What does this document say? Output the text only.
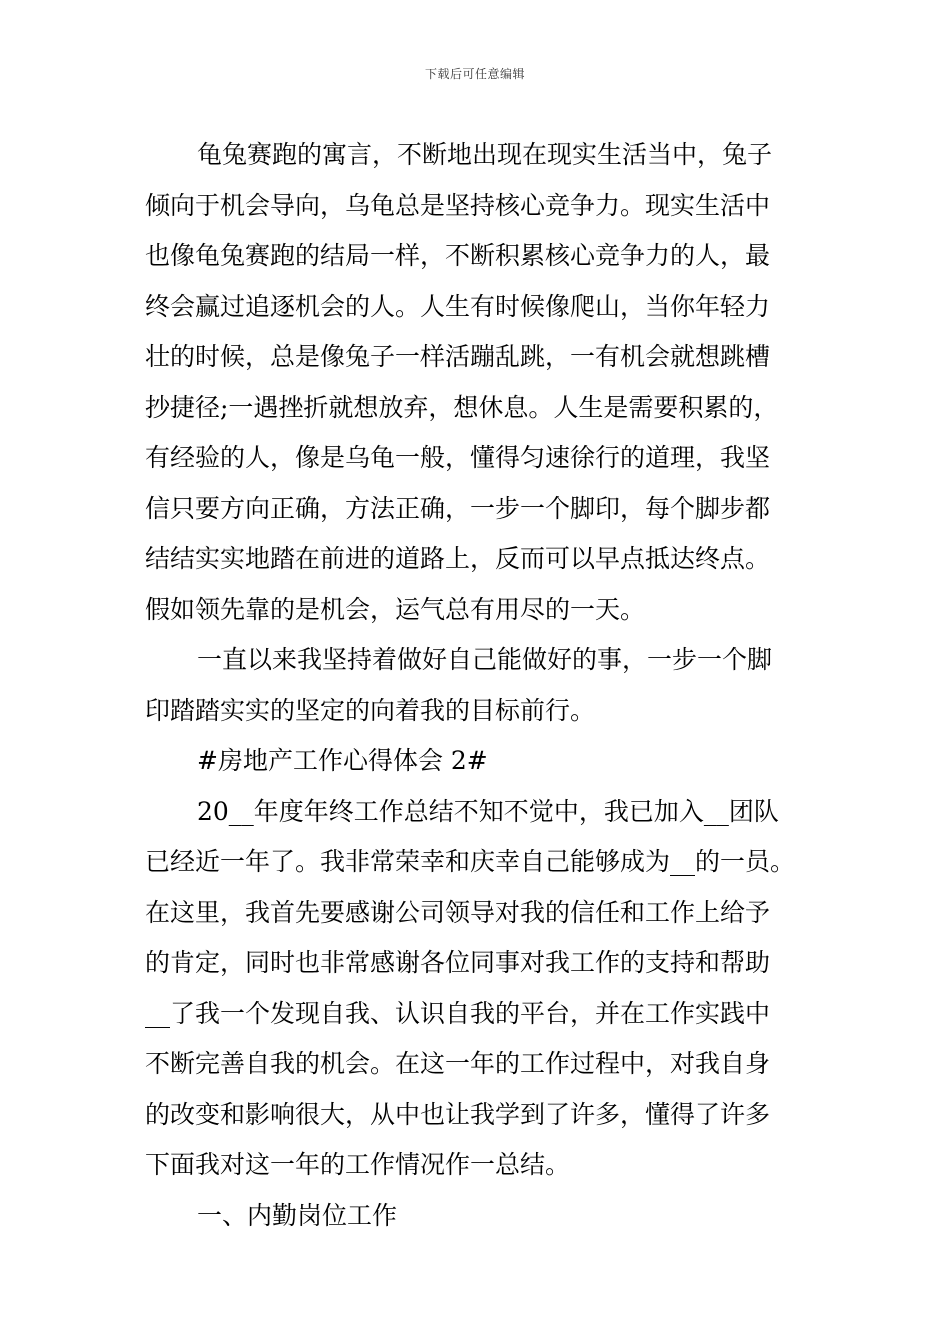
下载后可任意编辑
龟兔赛跑的寓言，不断地出现在现实生活当中，兔子
倾向于机会导向，乌龟总是坚持核心竞争力。现实生活中
也像龟兔赛跑的结局一样，不断积累核心竞争力的人，最
终会赢过追逐机会的人。人生有时候像爬山，当你年轻力
壮的时候，总是像兔子一样活蹦乱跳，一有机会就想跳槽
抄捷径;一遇挫折就想放弃，想休息。人生是需要积累的，
有经验的人，像是乌龟一般，懂得匀速徐行的道理，我坚
信只要方向正确，方法正确，一步一个脚印，每个脚步都
结结实实地踏在前进的道路上，反而可以早点抵达终点。
假如领先靠的是机会，运气总有用尽的一天。
一直以来我坚持着做好自己能做好的事，一步一个脚
印踏踏实实的坚定的向着我的目标前行。
#房地产工作心得体会 2#
20__年度年终工作总结不知不觉中，我已加入__团队
已经近一年了。我非常荣幸和庆幸自己能够成为__的一员。
在这里，我首先要感谢公司领导对我的信任和工作上给予
的肯定，同时也非常感谢各位同事对我工作的支持和帮助
__了我一个发现自我、认识自我的平台，并在工作实践中
不断完善自我的机会。在这一年的工作过程中，对我自身
的改变和影响很大，从中也让我学到了许多，懂得了许多
下面我对这一年的工作情况作一总结。
一、内勤岗位工作
